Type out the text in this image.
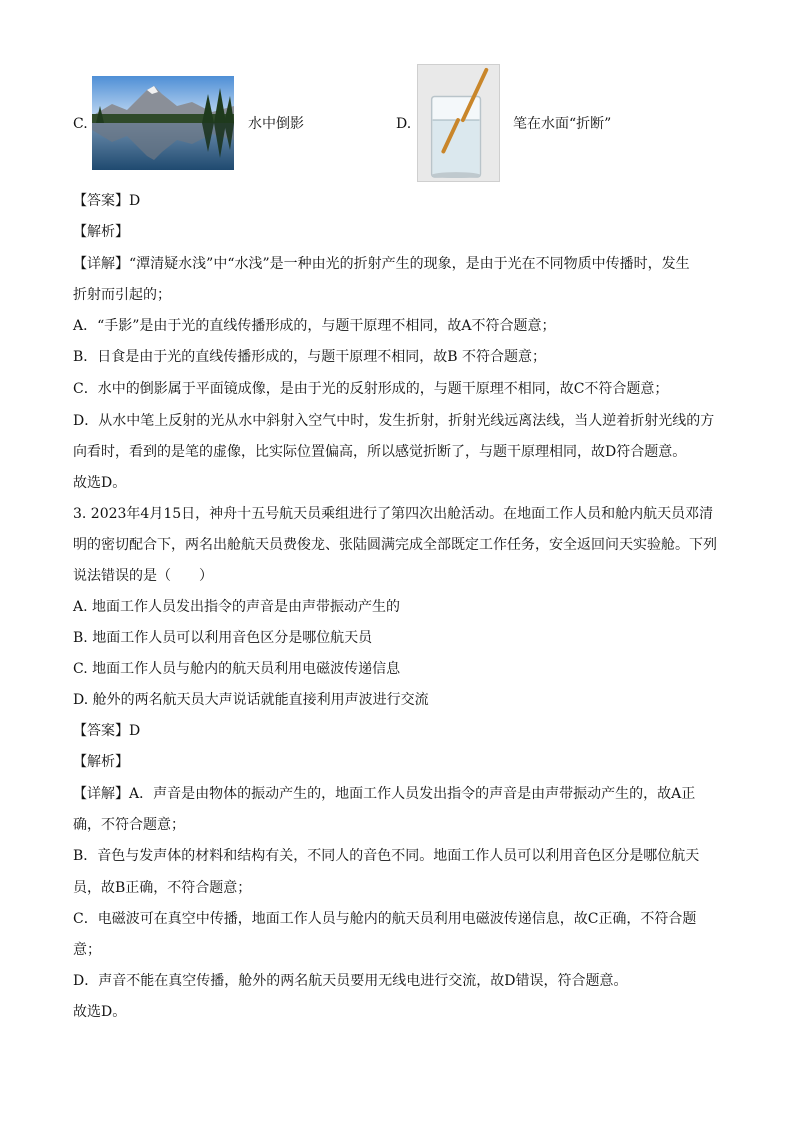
C.	水中倒影	D.	笔在水面“折断”
【答案】D
【解析】
【详解】“潭清疑水浅”中“水浅”是一种由光的折射产生的现象，是由于光在不同物质中传播时，发生
折射而引起的；
A．“手影”是由于光的直线传播形成的，与题干原理不相同，故A不符合题意；
B．日食是由于光的直线传播形成的，与题干原理不相同，故B 不符合题意；
C．水中的倒影属于平面镜成像，是由于光的反射形成的，与题干原理不相同，故C不符合题意；
D．从水中笔上反射的光从水中斜射入空气中时，发生折射，折射光线远离法线，当人逆着折射光线的方
向看时，看到的是笔的虚像，比实际位置偏高，所以感觉折断了，与题干原理相同，故D符合题意。
故选D。
3. 2023年4月15日，神舟十五号航天员乘组进行了第四次出舱活动。在地面工作人员和舱内航天员邓清
明的密切配合下，两名出舱航天员费俊龙、张陆圆满完成全部既定工作任务，安全返回问天实验舱。下列
说法错误的是（　　）
A. 地面工作人员发出指令的声音是由声带振动产生的
B. 地面工作人员可以利用音色区分是哪位航天员
C. 地面工作人员与舱内的航天员利用电磁波传递信息
D. 舱外的两名航天员大声说话就能直接利用声波进行交流
【答案】D
【解析】
【详解】A．声音是由物体的振动产生的，地面工作人员发出指令的声音是由声带振动产生的，故A正
确，不符合题意；
B．音色与发声体的材料和结构有关，不同人的音色不同。地面工作人员可以利用音色区分是哪位航天
员，故B正确，不符合题意；
C．电磁波可在真空中传播，地面工作人员与舱内的航天员利用电磁波传递信息，故C正确，不符合题
意；
D．声音不能在真空传播，舱外的两名航天员要用无线电进行交流，故D错误，符合题意。
故选D。
